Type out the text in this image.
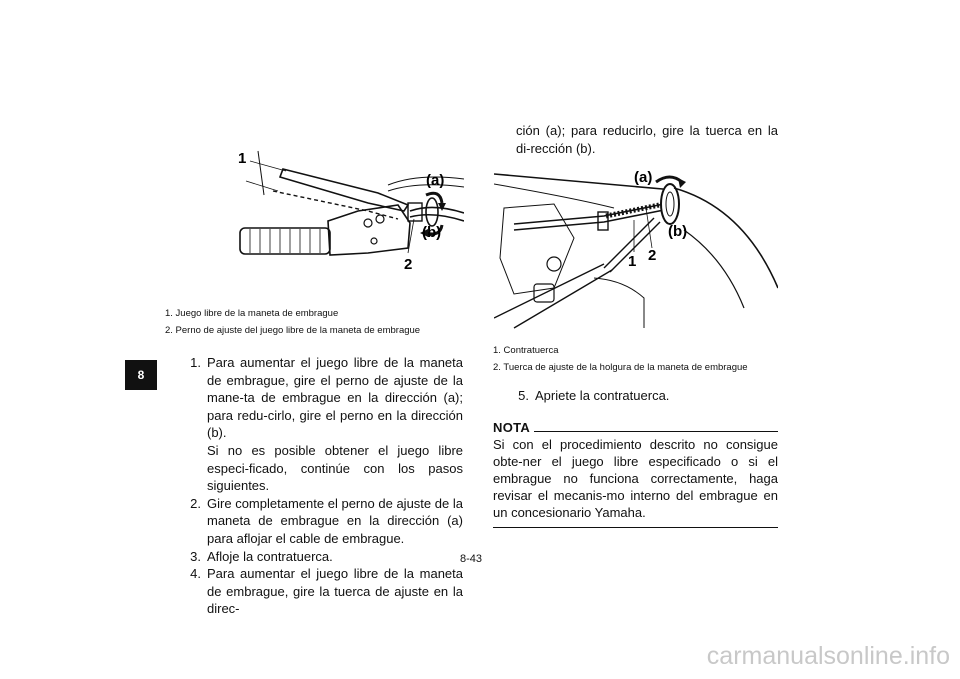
8
1
(a)
(b)
2
1. Juego libre de la maneta de embrague
2. Perno de ajuste del juego libre de la maneta de embrague
1. Para aumentar el juego libre de la maneta de embrague, gire el perno de ajuste de la mane-ta de embrague en la dirección (a); para redu-cirlo, gire el perno en la dirección (b).
Si no es posible obtener el juego libre especi-ficado, continúe con los pasos siguientes.
2. Gire completamente el perno de ajuste de la maneta de embrague en la dirección (a) para aflojar el cable de embrague.
3. Afloje la contratuerca.
4. Para aumentar el juego libre de la maneta de embrague, gire la tuerca de ajuste en la direc-
ción (a); para reducirlo, gire la tuerca en la di-rección (b).
(a)
(b)
1 2
1. Contratuerca
2. Tuerca de ajuste de la holgura de la maneta de embrague
5. Apriete la contratuerca.
NOTA
Si con el procedimiento descrito no consigue obte-ner el juego libre especificado o si el embrague no funciona correctamente, haga revisar el mecanis-mo interno del embrague en un concesionario Yamaha.
8-43
carmanualsonline.info
